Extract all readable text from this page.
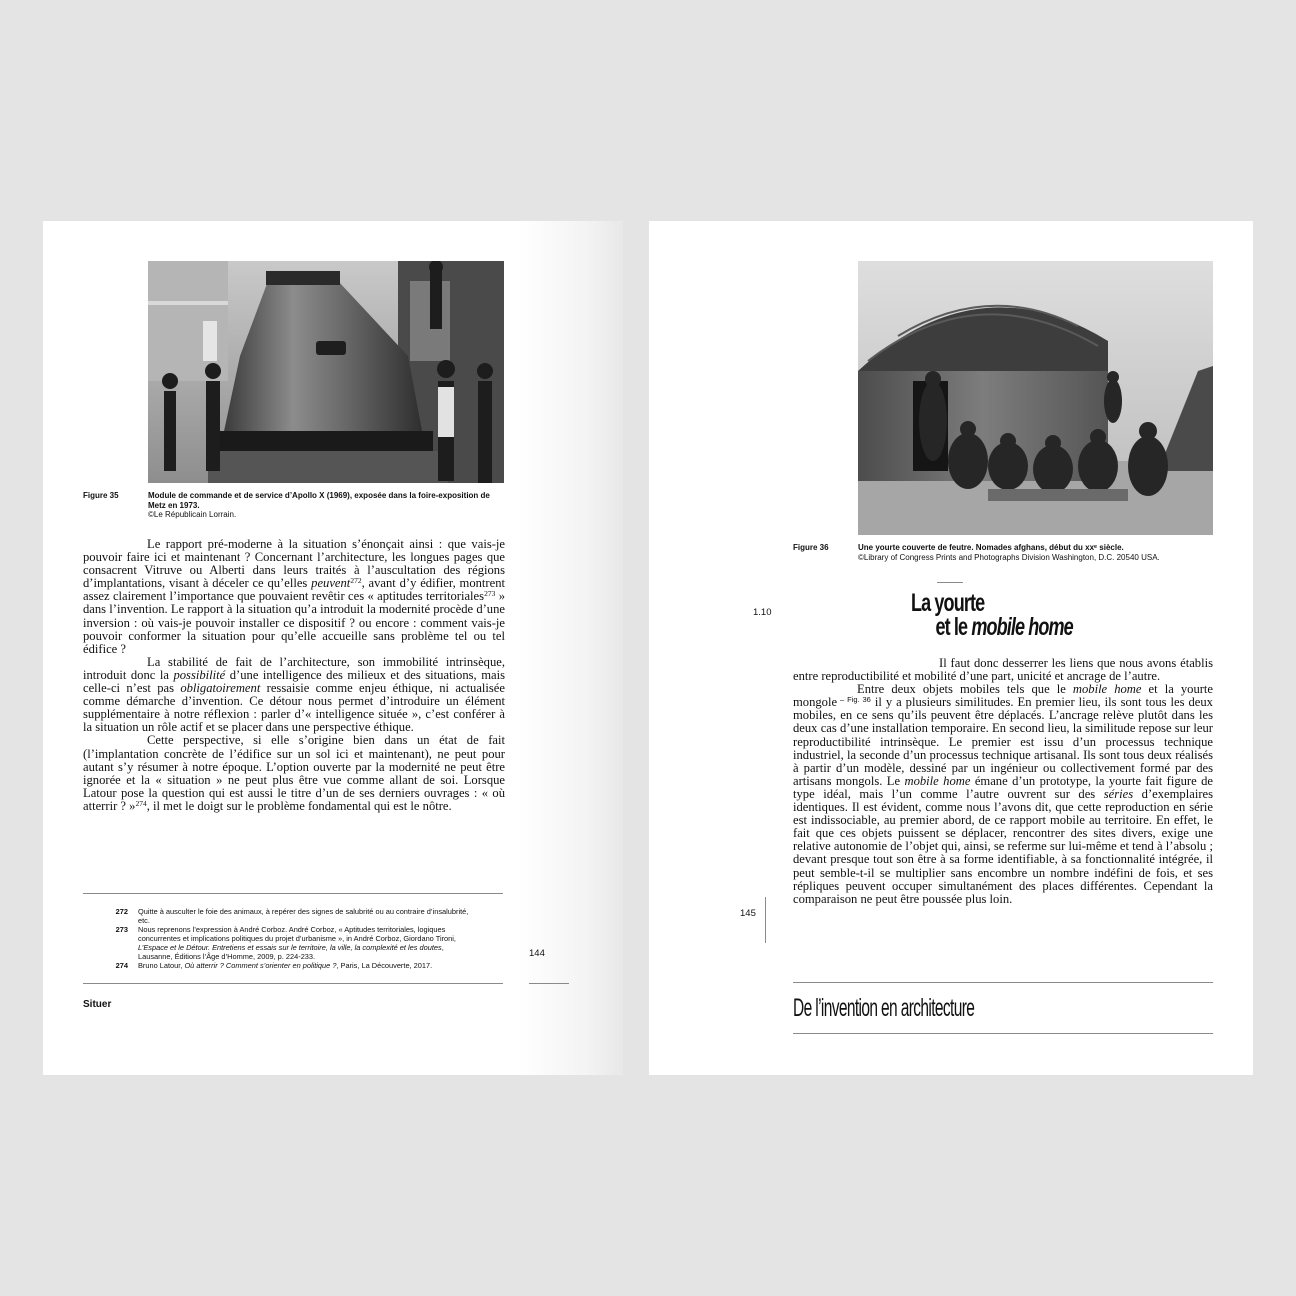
Figure 35	Module de commande et de service d’Apollo X (1969), exposée dans la foire-exposition de Metz en 1973.
©Le Républicain Lorrain.

Le rapport pré-moderne à la situation s’énonçait ainsi : que vais-je pouvoir faire ici et maintenant ? Concernant l’architecture, les longues pages que consacrent Vitruve ou Alberti dans leurs traités à l’auscultation des régions d’implantations, visant à déceler ce qu’elles peuvent$^{272}$, avant d’y édifier, montrent assez clairement l’importance que pouvaient revêtir ces « aptitudes territoriales$^{273}$ » dans l’invention. Le rapport à la situation qu’a introduit la modernité procède d’une inversion : où vais-je pouvoir installer ce dispositif ? ou encore : comment vais-je pouvoir conformer la situation pour qu’elle accueille sans problème tel ou tel édifice ?

La stabilité de fait de l’architecture, son immobilité intrinsèque, introduit donc la possibilité d’une intelligence des milieux et des situations, mais celle-ci n’est pas obligatoirement ressaisie comme enjeu éthique, ni actualisée comme démarche d’invention. Ce détour nous permet d’introduire un élément supplémentaire à notre réflexion : parler d’« intelligence située », c’est conférer à la situation un rôle actif et se placer dans une perspective éthique.

Cette perspective, si elle s’origine bien dans un état de fait (l’implantation concrète de l’édifice sur un sol ici et maintenant), ne peut pour autant s’y résumer à notre époque. L’option ouverte par la modernité ne peut être ignorée et la « situation » ne peut plus être vue comme allant de soi. Lorsque Latour pose la question qui est aussi le titre d’un de ses derniers ouvrages : « où atterrir ? »$^{274}$, il met le doigt sur le problème fondamental qui est le nôtre.

272	Quitte à ausculter le foie des animaux, à repérer des signes de salubrité ou au contraire d’insalubrité, etc.
273	Nous reprenons l’expression à André Corboz. André Corboz, « Aptitudes territoriales, logiques concurrentes et implications politiques du projet d’urbanisme », in André Corboz, Giordano Tironi, L’Espace et le Détour. Entretiens et essais sur le territoire, la ville, la complexité et les doutes, Lausanne, Éditions l’Âge d’Homme, 2009, p. 224-233.
274	Bruno Latour, Où atterrir ? Comment s’orienter en politique ?, Paris, La Découverte, 2017.
144
Situer
Figure 36	Une yourte couverte de feutre. Nomades afghans, début du xxᵉ siècle.
©Library of Congress Prints and Photographs Division Washington, D.C. 20540 USA.
1.10	La yourte
et le mobile home

Il faut donc desserrer les liens que nous avons établis entre reproductibilité et mobilité d’une part, unicité et ancrage de l’autre.

Entre deux objets mobiles tels que le mobile home et la yourte mongole $^{- Fig. 36}$ il y a plusieurs similitudes. En premier lieu, ils sont tous les deux mobiles, en ce sens qu’ils peuvent être déplacés. L’ancrage relève plutôt dans les deux cas d’une installation temporaire. En second lieu, la similitude repose sur leur reproductibilité intrinsèque. Le premier est issu d’un processus technique industriel, la seconde d’un processus technique artisanal. Ils sont tous deux réalisés à partir d’un modèle, dessiné par un ingénieur ou collectivement formé par des artisans mongols. Le mobile home émane d’un prototype, la yourte fait figure de type idéal, mais l’un comme l’autre ouvrent sur des séries d’exemplaires identiques. Il est évident, comme nous l’avons dit, que cette reproduction en série est indissociable, au premier abord, de ce rapport mobile au territoire. En effet, le fait que ces objets puissent se déplacer, rencontrer des sites divers, exige une relative autonomie de l’objet qui, ainsi, se referme sur lui-même et tend à l’absolu ; devant presque tout son être à sa forme identifiable, à sa fonctionnalité intégrée, il peut semble-t-il se multiplier sans encombre un nombre indéfini de fois, et ses répliques peuvent occuper simultanément des places différentes. Cependant la comparaison ne peut être poussée plus loin.

145
De l’invention en architecture
